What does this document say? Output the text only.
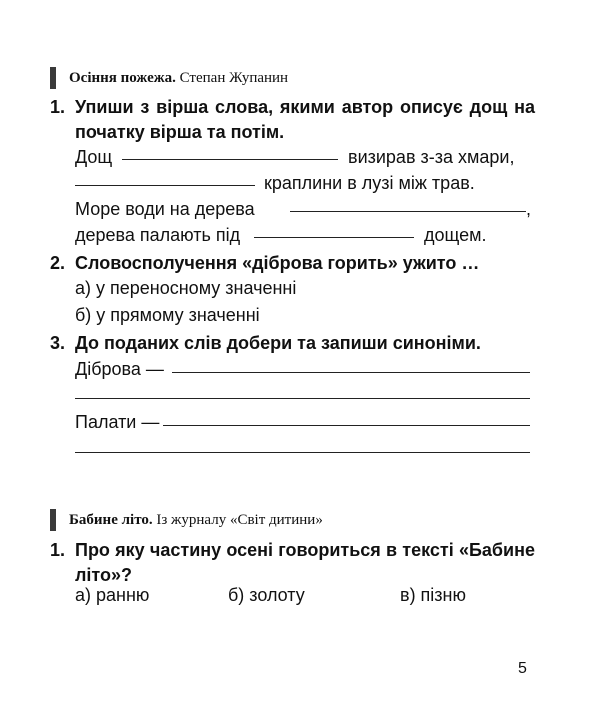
Осіння пожежа. Степан Жупанин
1. Упиши з вірша слова, якими автор описує дощ на початку вірша та потім.
Дощ	визирав з-за хмари,
краплини в лузі між трав.
Море води на дерева	,
дерева палають під	дощем.
2. Словосполучення «діброва горить» ужито …
а) у переносному значенні
б) у прямому значенні
3. До поданих слів добери та запиши синоніми.
Діброва —
Палати —
Бабине літо. Із журналу «Світ дитини»
1. Про яку частину осені говориться в тексті «Бабине літо»?
а) ранню	б) золоту	в) пізню
5
